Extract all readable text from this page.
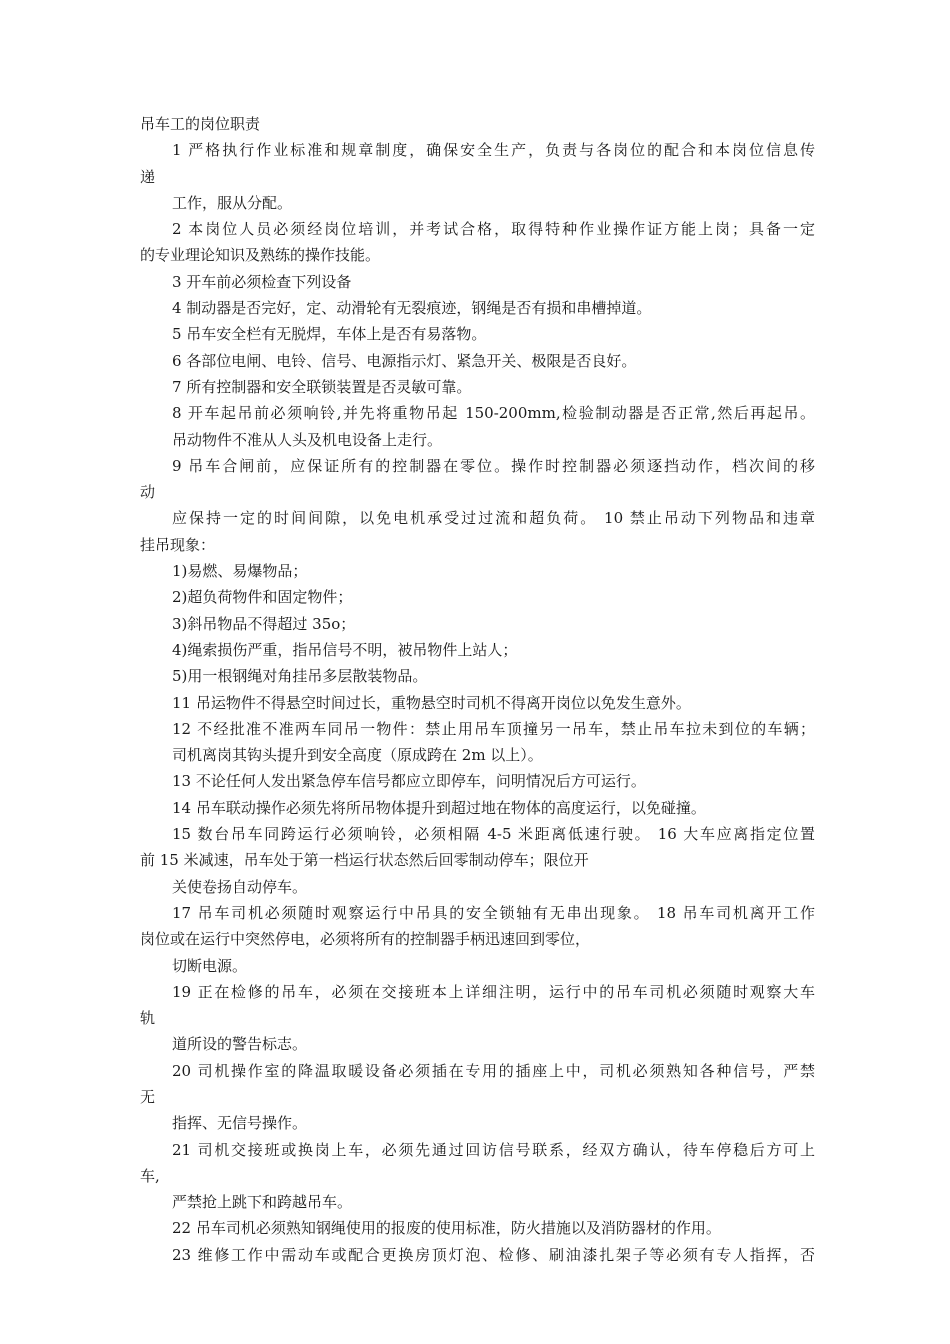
吊车工的岗位职责
1 严格执行作业标准和规章制度，确保安全生产，负责与各岗位的配合和本岗位信息传
递
工作，服从分配。
2 本岗位人员必须经岗位培训，并考试合格，取得特种作业操作证方能上岗；具备一定
的专业理论知识及熟练的操作技能。
3 开车前必须检查下列设备
4 制动器是否完好，定、动滑轮有无裂痕迹，钢绳是否有损和串槽掉道。
5 吊车安全栏有无脱焊，车体上是否有易落物。
6 各部位电闸、电铃、信号、电源指示灯、紧急开关、极限是否良好。
7 所有控制器和安全联锁装置是否灵敏可靠。
8 开车起吊前必须响铃,并先将重物吊起 150-200mm,检验制动器是否正常,然后再起吊。
吊动物件不准从人头及机电设备上走行。
9 吊车合闸前，应保证所有的控制器在零位。操作时控制器必须逐挡动作，档次间的移
动
应保持一定的时间间隙，以免电机承受过过流和超负荷。 10 禁止吊动下列物品和违章
挂吊现象：
1)易燃、易爆物品；
2)超负荷物件和固定物件；
3)斜吊物品不得超过 35o；
4)绳索损伤严重，指吊信号不明，被吊物件上站人；
5)用一根钢绳对角挂吊多层散装物品。
11 吊运物件不得悬空时间过长，重物悬空时司机不得离开岗位以免发生意外。
12 不经批准不准两车同吊一物件：禁止用吊车顶撞另一吊车，禁止吊车拉未到位的车辆；
司机离岗其钩头提升到安全高度（原成跨在 2m 以上）。
13 不论任何人发出紧急停车信号都应立即停车，问明情况后方可运行。
14 吊车联动操作必须先将所吊物体提升到超过地在物体的高度运行，以免碰撞。
15 数台吊车同跨运行必须响铃，必须相隔 4-5 米距离低速行驶。 16 大车应离指定位置
前 15 米减速，吊车处于第一档运行状态然后回零制动停车；限位开
关使卷扬自动停车。
17 吊车司机必须随时观察运行中吊具的安全锁轴有无串出现象。 18 吊车司机离开工作
岗位或在运行中突然停电，必须将所有的控制器手柄迅速回到零位，
切断电源。
19 正在检修的吊车，必须在交接班本上详细注明，运行中的吊车司机必须随时观察大车
轨
道所设的警告标志。
20 司机操作室的降温取暖设备必须插在专用的插座上中，司机必须熟知各种信号，严禁
无
指挥、无信号操作。
21 司机交接班或换岗上车，必须先通过回访信号联系，经双方确认，待车停稳后方可上
车,
严禁抢上跳下和跨越吊车。
22 吊车司机必须熟知钢绳使用的报废的使用标准，防火措施以及消防器材的作用。
23 维修工作中需动车或配合更换房顶灯泡、检修、刷油漆扎架子等必须有专人指挥，否
